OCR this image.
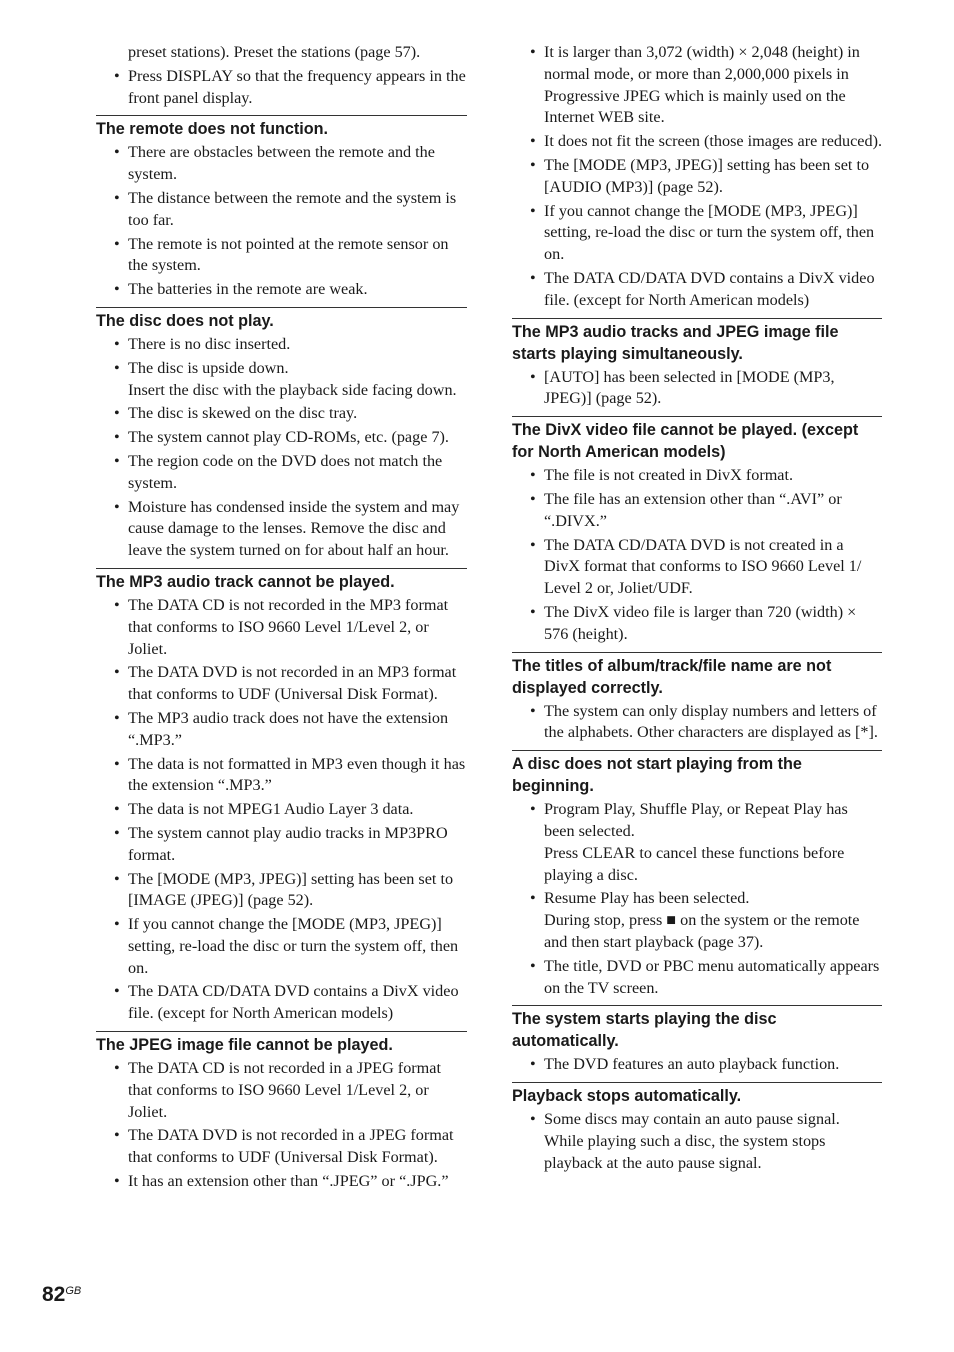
preset stations). Preset the stations (page 57).
• Press DISPLAY so that the frequency appears in the front panel display.
The remote does not function.
• There are obstacles between the remote and the system.
• The distance between the remote and the system is too far.
• The remote is not pointed at the remote sensor on the system.
• The batteries in the remote are weak.
The disc does not play.
• There is no disc inserted.
• The disc is upside down.
Insert the disc with the playback side facing down.
• The disc is skewed on the disc tray.
• The system cannot play CD-ROMs, etc. (page 7).
• The region code on the DVD does not match the system.
• Moisture has condensed inside the system and may cause damage to the lenses. Remove the disc and leave the system turned on for about half an hour.
The MP3 audio track cannot be played.
• The DATA CD is not recorded in the MP3 format that conforms to ISO 9660 Level 1/Level 2, or Joliet.
• The DATA DVD is not recorded in an MP3 format that conforms to UDF (Universal Disk Format).
• The MP3 audio track does not have the extension “.MP3.”
• The data is not formatted in MP3 even though it has the extension “.MP3.”
• The data is not MPEG1 Audio Layer 3 data.
• The system cannot play audio tracks in MP3PRO format.
• The [MODE (MP3, JPEG)] setting has been set to [IMAGE (JPEG)] (page 52).
• If you cannot change the [MODE (MP3, JPEG)] setting, re-load the disc or turn the system off, then on.
• The DATA CD/DATA DVD contains a DivX video file. (except for North American models)
The JPEG image file cannot be played.
• The DATA CD is not recorded in a JPEG format that conforms to ISO 9660 Level 1/Level 2, or Joliet.
• The DATA DVD is not recorded in a JPEG format that conforms to UDF (Universal Disk Format).
• It has an extension other than “.JPEG” or “.JPG.”
• It is larger than 3,072 (width) × 2,048 (height) in normal mode, or more than 2,000,000 pixels in Progressive JPEG which is mainly used on the Internet WEB site.
• It does not fit the screen (those images are reduced).
• The [MODE (MP3, JPEG)] setting has been set to [AUDIO (MP3)] (page 52).
• If you cannot change the [MODE (MP3, JPEG)] setting, re-load the disc or turn the system off, then on.
• The DATA CD/DATA DVD contains a DivX video file. (except for North American models)
The MP3 audio tracks and JPEG image file starts playing simultaneously.
• [AUTO] has been selected in [MODE (MP3, JPEG)] (page 52).
The DivX video file cannot be played. (except for North American models)
• The file is not created in DivX format.
• The file has an extension other than “.AVI” or “.DIVX.”
• The DATA CD/DATA DVD is not created in a DivX format that conforms to ISO 9660 Level 1/ Level 2 or, Joliet/UDF.
• The DivX video file is larger than 720 (width) × 576 (height).
The titles of album/track/file name are not displayed correctly.
• The system can only display numbers and letters of the alphabets. Other characters are displayed as [*].
A disc does not start playing from the beginning.
• Program Play, Shuffle Play, or Repeat Play has been selected.
Press CLEAR to cancel these functions before playing a disc.
• Resume Play has been selected.
During stop, press ■ on the system or the remote and then start playback (page 37).
• The title, DVD or PBC menu automatically appears on the TV screen.
The system starts playing the disc automatically.
• The DVD features an auto playback function.
Playback stops automatically.
• Some discs may contain an auto pause signal. While playing such a disc, the system stops playback at the auto pause signal.
$82^{GB}$
